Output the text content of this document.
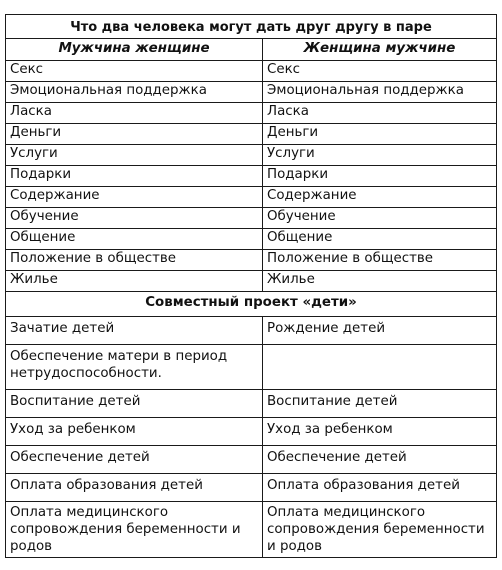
Что два человека могут дать друг другу в паре	
Мужчина женщине	Женщина мужчине
Секс	Секс
Эмоциональная поддержка	Эмоциональная поддержка
Ласка	Ласка
Деньги	Деньги
Услуги	Услуги
Подарки	Подарки
Содержание	Содержание
Обучение	Обучение
Общение	Общение
Положение в обществе	Положение в обществе
Жилье	Жилье
Совместный проект «дети»	
Зачатие детей	Рождение детей
Обеспечение матери в период нетрудоспособности.	
Воспитание детей	Воспитание детей
Уход за ребенком	Уход за ребенком
Обеспечение детей	Обеспечение детей
Оплата образования детей	Оплата образования детей
Оплата медицинского сопровождения беременности и родов	Оплата медицинского сопровождения беременности и родов
